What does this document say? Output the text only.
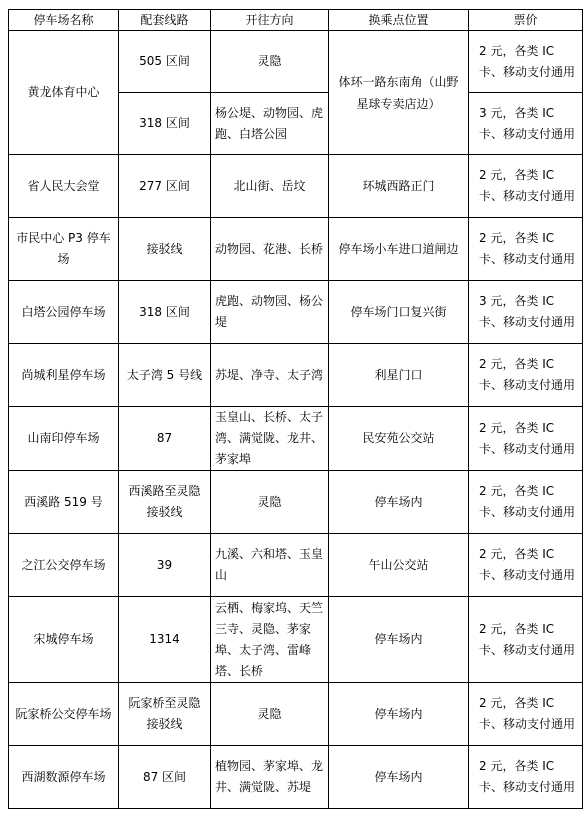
停车场名称	配套线路	开往方向	换乘点位置	票价
黄龙体育中心	505 区间	灵隐	体环一路东南角（山野星球专卖店边）	2 元，各类 IC 卡、移动支付通用
	318 区间	杨公堤、动物园、虎跑、白塔公园		3 元，各类 IC 卡、移动支付通用
省人民大会堂	277 区间	北山街、岳坟	环城西路正门	2 元，各类 IC 卡、移动支付通用
市民中心 P3 停车场	接驳线	动物园、花港、长桥	停车场小车进口道闸边	2 元，各类 IC 卡、移动支付通用
白塔公园停车场	318 区间	虎跑、动物园、杨公堤	停车场门口复兴街	3 元，各类 IC 卡、移动支付通用
尚城利星停车场	太子湾 5 号线	苏堤、净寺、太子湾	利星门口	2 元，各类 IC 卡、移动支付通用
山南印停车场	87	玉皇山、长桥、太子湾、满觉陇、龙井、茅家埠	民安苑公交站	2 元，各类 IC 卡、移动支付通用
西溪路 519 号	西溪路至灵隐接驳线	灵隐	停车场内	2 元，各类 IC 卡、移动支付通用
之江公交停车场	39	九溪、六和塔、玉皇山	午山公交站	2 元，各类 IC 卡、移动支付通用
宋城停车场	1314	云栖、梅家坞、天竺三寺、灵隐、茅家埠、太子湾、雷峰塔、长桥	停车场内	2 元，各类 IC 卡、移动支付通用
阮家桥公交停车场	阮家桥至灵隐接驳线	灵隐	停车场内	2 元，各类 IC 卡、移动支付通用
西湖数源停车场	87 区间	植物园、茅家埠、龙井、满觉陇、苏堤	停车场内	2 元，各类 IC 卡、移动支付通用
